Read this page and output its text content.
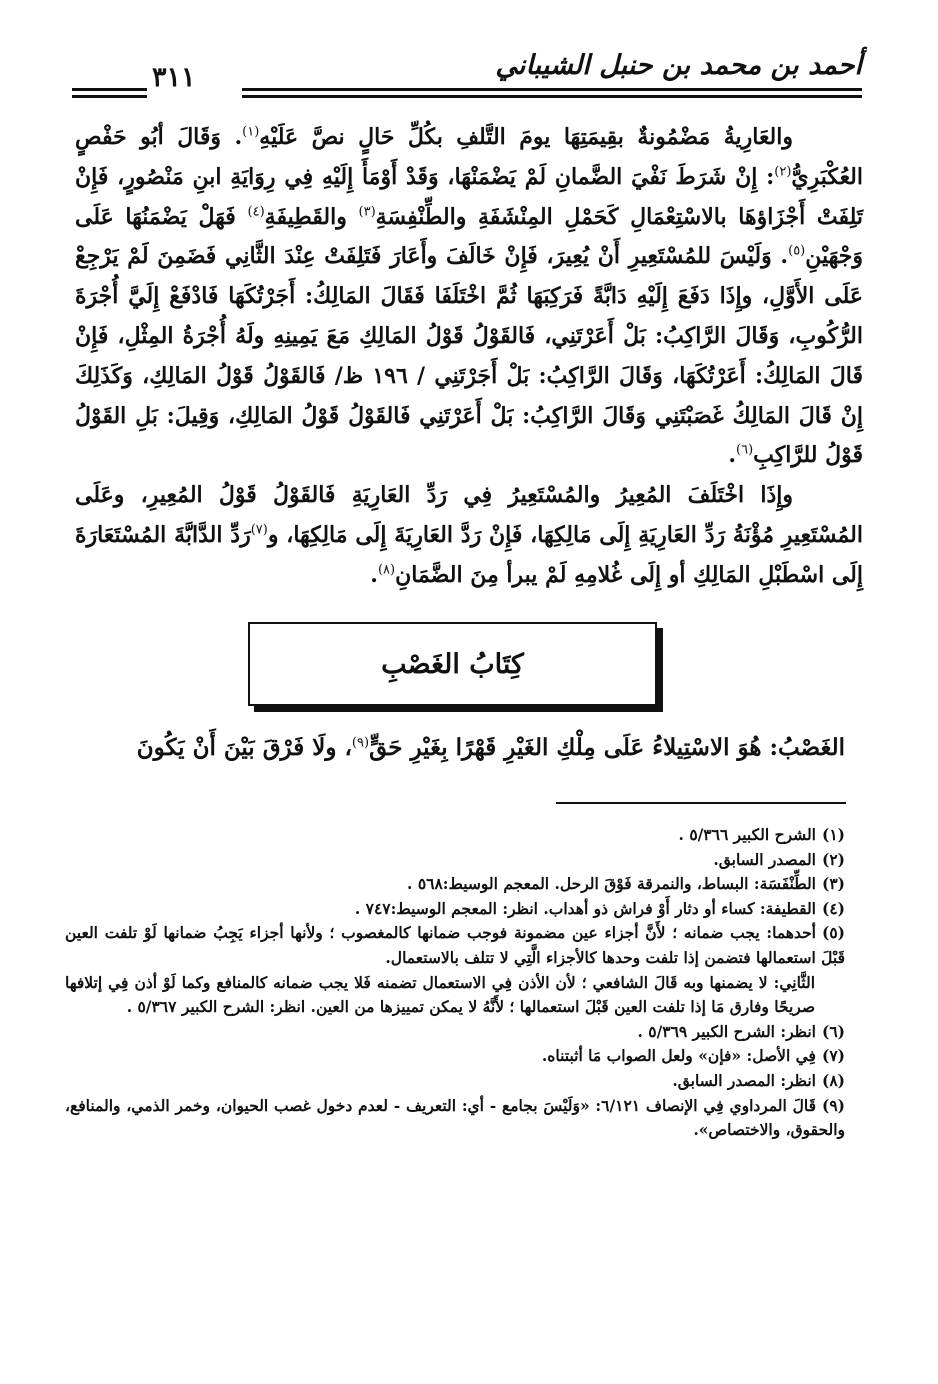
أحمد بن محمد بن حنبل الشيباني
٣١١

والعَارِيةُ مَضْمُونةٌ بقِيمَتِهَا يومَ التَّلفِ بكُلِّ حَالٍ نصَّ عَلَيْهِ$^{(١)}$. وَقَالَ أبُو حَفْصٍ العُكْبَرِيُّ$^{(٢)}$: إِنْ شَرَطَ نَفْيَ الضَّمانِ لَمْ يَضْمَنْهَا، وَقَدْ أَوْمَأَ إِلَيْهِ فِي رِوَايَةِ ابنِ مَنْصُورٍ، فَإِنْ تَلِفَتْ أَجْزَاؤهَا بالاسْتِعْمَالِ كَحَمْلِ المِنْشَفَةِ والطِّنْفِسَةِ$^{(٣)}$ والقَطِيفَةِ$^{(٤)}$ فَهَلْ يَضْمَنُهَا عَلَى وَجْهَيْنِ$^{(٥)}$. وَلَيْسَ للمُسْتَعِيرِ أَنْ يُعِيرَ، فَإِنْ خَالَفَ وأَعَارَ فَتَلِفَتْ عِنْدَ الثَّانِي فَضَمِنَ لَمْ يَرْجِعْ عَلَى الأَوَّلِ، وإِذَا دَفَعَ إِلَيْهِ دَابَّةً فَرَكِبَهَا ثُمَّ اخْتَلَفَا فَقَالَ المَالِكُ: أَجَرْتُكَهَا فَادْفَعْ إِلَيَّ أُجْرَةَ الرُّكُوبِ، وَقَالَ الرَّاكِبُ: بَلْ أَعَرْتَنِي، فَالقَوْلُ قَوْلُ المَالِكِ مَعَ يَمِينِهِ ولَهُ أُجْرَةُ المِثْلِ، فَإِنْ قَالَ المَالِكُ: أَعَرْتُكَهَا، وَقَالَ الرَّاكِبُ: بَلْ أَجَرْتَنِي / ١٩٦ ظ/ فَالقَوْلُ قَوْلُ المَالِكِ، وَكَذَلِكَ إِنْ قَالَ المَالِكُ غَصَبْتَنِي وَقَالَ الرَّاكِبُ: بَلْ أَعَرْتَنِي فَالقَوْلُ قَوْلُ المَالِكِ، وَقِيلَ: بَلِ القَوْلُ قَوْلُ للرَّاكِبِ$^{(٦)}$.

وإِذَا اخْتَلَفَ المُعِيرُ والمُسْتَعِيرُ فِي رَدِّ العَارِيَةِ فَالقَوْلُ قَوْلُ المُعِيرِ، وعَلَى المُسْتَعِيرِ مُؤْنَةُ رَدِّ العَارِيَةِ إِلَى مَالِكِهَا، فَإِنْ رَدَّ العَارِيَةَ إِلَى مَالِكِهَا، و$^{(٧)}$رَدِّ الدَّابَّةَ المُسْتَعَارَةَ إِلَى اسْطَبْلِ المَالِكِ أو إِلَى غُلامِهِ لَمْ يبرأ مِنَ الضَّمَانِ$^{(٨)}$.

كِتَابُ الغَصْبِ
الغَصْبُ: هُوَ الاسْتِيلاءُ عَلَى مِلْكِ الغَيْرِ قَهْرًا بِغَيْرِ حَقٍّ$^{(٩)}$، ولَا فَرْقَ بَيْنَ أَنْ يَكُونَ

(١)الشرح الكبير ٥/٣٦٦ .

(٢)المصدر السابق.

(٣)الطِّنْفَسَة: البساط، والنمرقة فَوْقَ الرحل. المعجم الوسيط:٥٦٨ .

(٤)القطيفة: كساء أو دثار أَوْ فراش ذو أهداب. انظر: المعجم الوسيط:٧٤٧ .

(٥)أحدهما: يجب ضمانه ؛ لأَنَّ أجزاء عين مضمونة فوجب ضمانها كالمغصوب ؛ ولأنها أجزاء يَجِبُ ضمانها لَوْ تلفت العين قَبْلَ استعمالها فتضمن إذا تلفت وحدها كالأجزاء الَّتِي لا تتلف بالاستعمال.

الثَّانِي: لا يضمنها وبه قَالَ الشافعي ؛ لأن الأذن فِي الاستعمال تضمنه فَلا يجب ضمانه كالمنافع وكما لَوْ أذن فِي إتلافها صريحًا وفارق مَا إذا تلفت العين قَبْلَ استعمالها ؛ لأَنَّهُ لا يمكن تمييزها من العين. انظر: الشرح الكبير ٥/٣٦٧ .

(٦)انظر: الشرح الكبير ٥/٣٦٩ .

(٧)فِي الأصل: «فإن» ولعل الصواب مَا أثبتناه.

(٨)انظر: المصدر السابق.

(٩)قَالَ المرداوي فِي الإنصاف ٦/١٢١: «وَلَيْسَ بجامع - أي: التعريف - لعدم دخول غصب الحيوان، وخمر الذمي، والمنافع، والحقوق، والاختصاص».
